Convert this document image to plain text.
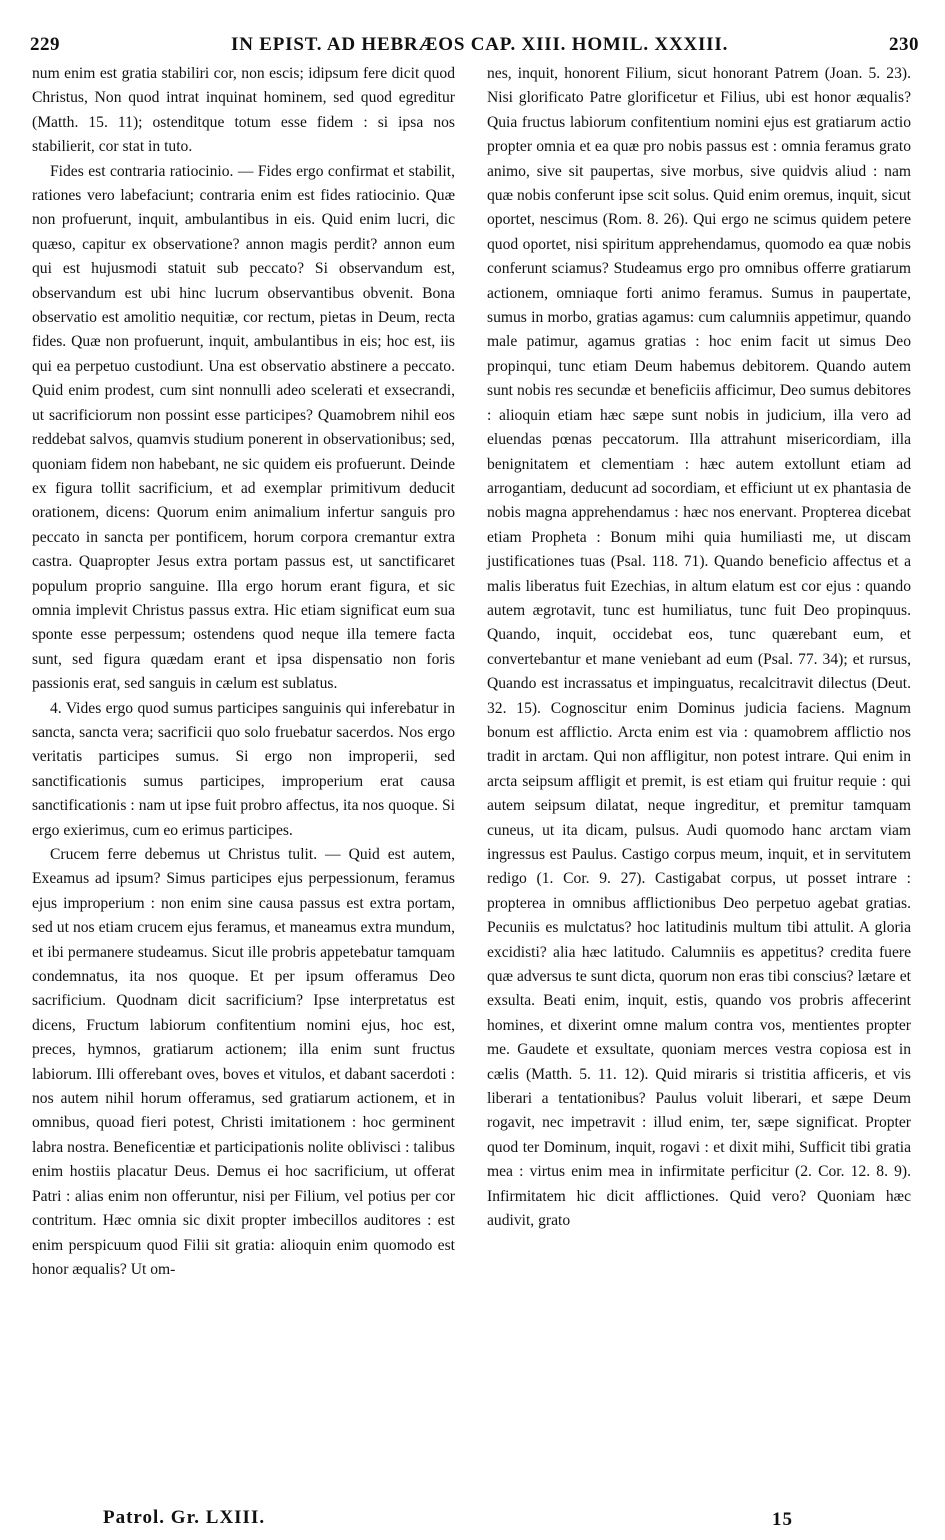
229	IN EPIST. AD HEBRÆOS CAP. XIII. HOMIL. XXXIII.	230

num enim est gratia stabiliri cor, non escis; idipsum fere dicit quod Christus, Non quod intrat inquinat hominem, sed quod egreditur (Matth. 15. 11); ostenditque totum esse fidem : si ipsa nos stabilierit, cor stat in tuto.

Fides est contraria ratiocinio. — Fides ergo confirmat et stabilit, rationes vero labefaciunt; contraria enim est fides ratiocinio. Quæ non profuerunt, inquit, ambulantibus in eis. Quid enim lucri, dic quæso, capitur ex observatione? annon magis perdit? annon eum qui est hujusmodi statuit sub peccato? Si observandum est, observandum est ubi hinc lucrum observantibus obvenit. Bona observatio est amolitio nequitiæ, cor rectum, pietas in Deum, recta fides. Quæ non profuerunt, inquit, ambulantibus in eis; hoc est, iis qui ea perpetuo custodiunt. Una est observatio abstinere a peccato. Quid enim prodest, cum sint nonnulli adeo scelerati et exsecrandi, ut sacrificiorum non possint esse participes? Quamobrem nihil eos reddebat salvos, quamvis studium ponerent in observationibus; sed, quoniam fidem non habebant, ne sic quidem eis profuerunt. Deinde ex figura tollit sacrificium, et ad exemplar primitivum deducit orationem, dicens: Quorum enim animalium infertur sanguis pro peccato in sancta per pontificem, horum corpora cremantur extra castra. Quapropter Jesus extra portam passus est, ut sanctificaret populum proprio sanguine. Illa ergo horum erant figura, et sic omnia implevit Christus passus extra. Hic etiam significat eum sua sponte esse perpessum; ostendens quod neque illa temere facta sunt, sed figura quædam erant et ipsa dispensatio non foris passionis erat, sed sanguis in cælum est sublatus.

4. Vides ergo quod sumus participes sanguinis qui inferebatur in sancta, sancta vera; sacrificii quo solo fruebatur sacerdos. Nos ergo veritatis participes sumus. Si ergo non improperii, sed sanctificationis sumus participes, improperium erat causa sanctificationis : nam ut ipse fuit probro affectus, ita nos quoque. Si ergo exierimus, cum eo erimus participes.

Crucem ferre debemus ut Christus tulit. — Quid est autem, Exeamus ad ipsum? Simus participes ejus perpessionum, feramus ejus improperium : non enim sine causa passus est extra portam, sed ut nos etiam crucem ejus feramus, et maneamus extra mundum, et ibi permanere studeamus. Sicut ille probris appetebatur tamquam condemnatus, ita nos quoque. Et per ipsum offeramus Deo sacrificium. Quodnam dicit sacrificium? Ipse interpretatus est dicens, Fructum labiorum confitentium nomini ejus, hoc est, preces, hymnos, gratiarum actionem; illa enim sunt fructus labiorum. Illi offerebant oves, boves et vitulos, et dabant sacerdoti : nos autem nihil horum offeramus, sed gratiarum actionem, et in omnibus, quoad fieri potest, Christi imitationem : hoc germinent labra nostra. Beneficentiæ et participationis nolite oblivisci : talibus enim hostiis placatur Deus. Demus ei hoc sacrificium, ut offerat Patri : alias enim non offeruntur, nisi per Filium, vel potius per cor contritum. Hæc omnia sic dixit propter imbecillos auditores : est enim perspicuum quod Filii sit gratia: alioquin enim quomodo est honor æqualis? Ut om-

nes, inquit, honorent Filium, sicut honorant Patrem (Joan. 5. 23). Nisi glorificato Patre glorificetur et Filius, ubi est honor æqualis? Quia fructus labiorum confitentium nomini ejus est gratiarum actio propter omnia et ea quæ pro nobis passus est : omnia feramus grato animo, sive sit paupertas, sive morbus, sive quidvis aliud : nam quæ nobis conferunt ipse scit solus. Quid enim oremus, inquit, sicut oportet, nescimus (Rom. 8. 26). Qui ergo ne scimus quidem petere quod oportet, nisi spiritum apprehendamus, quomodo ea quæ nobis conferunt sciamus? Studeamus ergo pro omnibus offerre gratiarum actionem, omniaque forti animo feramus. Sumus in paupertate, sumus in morbo, gratias agamus: cum calumniis appetimur, quando male patimur, agamus gratias : hoc enim facit ut simus Deo propinqui, tunc etiam Deum habemus debitorem. Quando autem sunt nobis res secundæ et beneficiis afficimur, Deo sumus debitores : alioquin etiam hæc sæpe sunt nobis in judicium, illa vero ad eluendas pœnas peccatorum. Illa attrahunt misericordiam, illa benignitatem et clementiam : hæc autem extollunt etiam ad arrogantiam, deducunt ad socordiam, et efficiunt ut ex phantasia de nobis magna apprehendamus : hæc nos enervant. Propterea dicebat etiam Propheta : Bonum mihi quia humiliasti me, ut discam justificationes tuas (Psal. 118. 71). Quando beneficio affectus et a malis liberatus fuit Ezechias, in altum elatum est cor ejus : quando autem ægrotavit, tunc est humiliatus, tunc fuit Deo propinquus. Quando, inquit, occidebat eos, tunc quærebant eum, et convertebantur et mane veniebant ad eum (Psal. 77. 34); et rursus, Quando est incrassatus et impinguatus, recalcitravit dilectus (Deut. 32. 15). Cognoscitur enim Dominus judicia faciens. Magnum bonum est afflictio. Arcta enim est via : quamobrem afflictio nos tradit in arctam. Qui non affligitur, non potest intrare. Qui enim in arcta seipsum affligit et premit, is est etiam qui fruitur requie : qui autem seipsum dilatat, neque ingreditur, et premitur tamquam cuneus, ut ita dicam, pulsus. Audi quomodo hanc arctam viam ingressus est Paulus. Castigo corpus meum, inquit, et in servitutem redigo (1. Cor. 9. 27). Castigabat corpus, ut posset intrare : propterea in omnibus afflictionibus Deo perpetuo agebat gratias. Pecuniis es mulctatus? hoc latitudinis multum tibi attulit. A gloria excidisti? alia hæc latitudo. Calumniis es appetitus? credita fuere quæ adversus te sunt dicta, quorum non eras tibi conscius? lætare et exsulta. Beati enim, inquit, estis, quando vos probris affecerint homines, et dixerint omne malum contra vos, mentientes propter me. Gaudete et exsultate, quoniam merces vestra copiosa est in cælis (Matth. 5. 11. 12). Quid miraris si tristitia afficeris, et vis liberari a tentationibus? Paulus voluit liberari, et sæpe Deum rogavit, nec impetravit : illud enim, ter, sæpe significat. Propter quod ter Dominum, inquit, rogavi : et dixit mihi, Sufficit tibi gratia mea : virtus enim mea in infirmitate perficitur (2. Cor. 12. 8. 9). Infirmitatem hic dicit afflictiones. Quid vero? Quoniam hæc audivit, grato

Patrol. Gr. LXIII.	15
